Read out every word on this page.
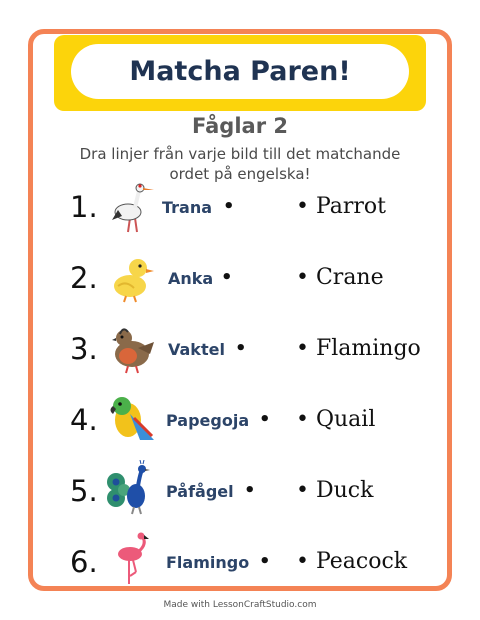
Matcha Paren!
Fåglar 2
Dra linjer från varje bild till det matchande
ordet på engelska!
1.	Trana •	• Parrot
2.	Anka •	• Crane
3.	Vaktel • • Flamingo
4.	Papegoja • • Quail
5.	Påfågel • • Duck
6.	Flamingo • • Peacock
Made with LessonCraftStudio.com
